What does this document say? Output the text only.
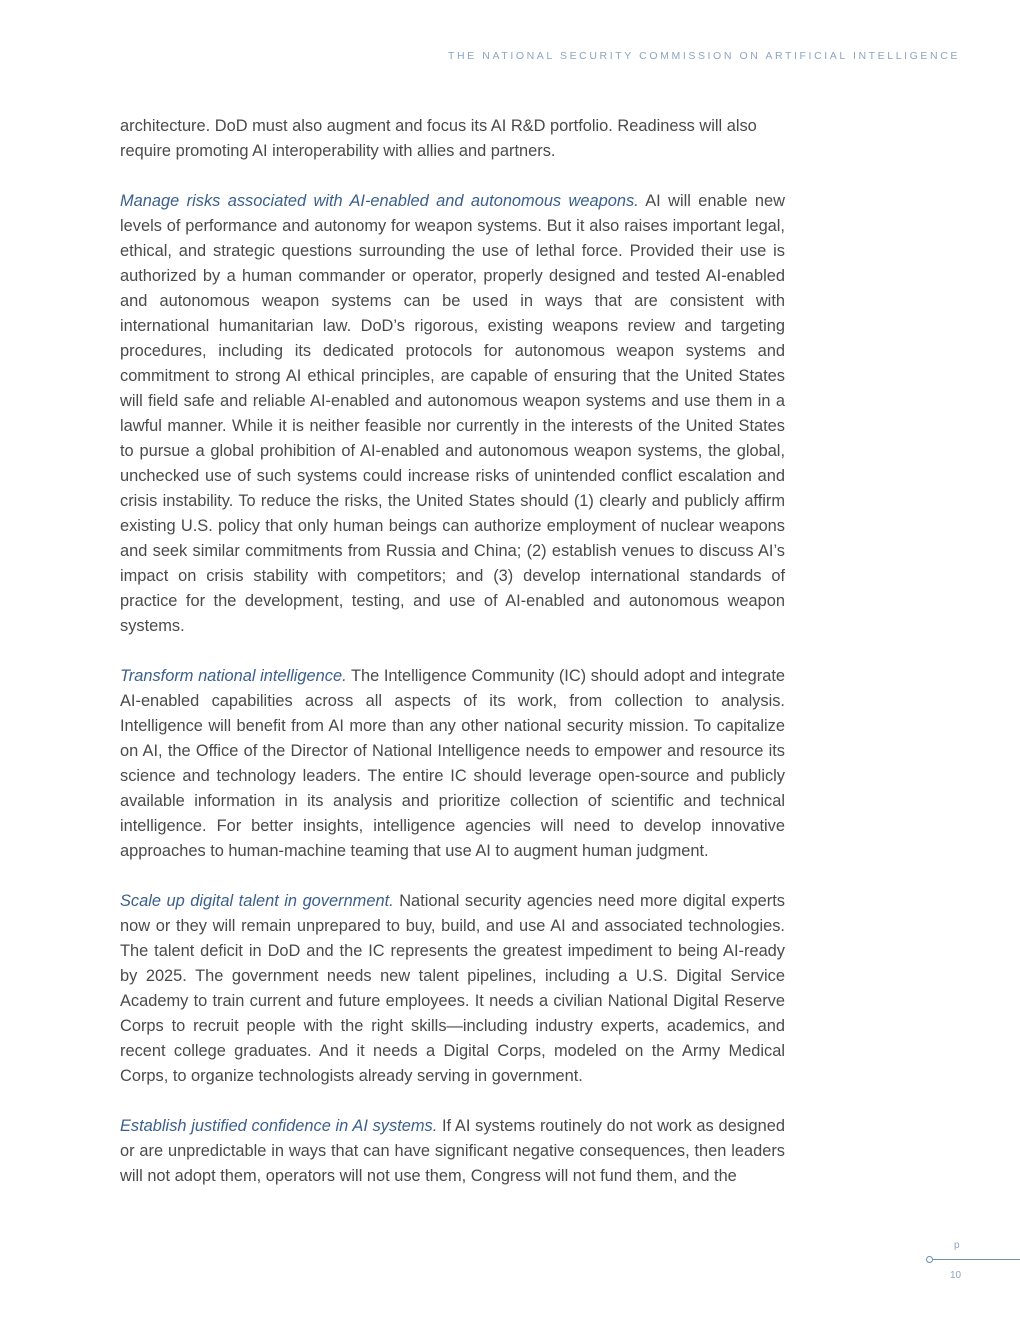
THE NATIONAL SECURITY COMMISSION ON ARTIFICIAL INTELLIGENCE

architecture. DoD must also augment and focus its AI R&D portfolio. Readiness will also require promoting AI interoperability with allies and partners.

Manage risks associated with AI-enabled and autonomous weapons. AI will enable new levels of performance and autonomy for weapon systems. But it also raises important legal, ethical, and strategic questions surrounding the use of lethal force. Provided their use is authorized by a human commander or operator, properly designed and tested AI-enabled and autonomous weapon systems can be used in ways that are consistent with international humanitarian law. DoD’s rigorous, existing weapons review and targeting procedures, including its dedicated protocols for autonomous weapon systems and commitment to strong AI ethical principles, are capable of ensuring that the United States will field safe and reliable AI-enabled and autonomous weapon systems and use them in a lawful manner. While it is neither feasible nor currently in the interests of the United States to pursue a global prohibition of AI-enabled and autonomous weapon systems, the global, unchecked use of such systems could increase risks of unintended conflict escalation and crisis instability. To reduce the risks, the United States should (1) clearly and publicly affirm existing U.S. policy that only human beings can authorize employment of nuclear weapons and seek similar commitments from Russia and China; (2) establish venues to discuss AI’s impact on crisis stability with competitors; and (3) develop international standards of practice for the development, testing, and use of AI-enabled and autonomous weapon systems.

Transform national intelligence. The Intelligence Community (IC) should adopt and integrate AI-enabled capabilities across all aspects of its work, from collection to analysis. Intelligence will benefit from AI more than any other national security mission. To capitalize on AI, the Office of the Director of National Intelligence needs to empower and resource its science and technology leaders. The entire IC should leverage open-source and publicly available information in its analysis and prioritize collection of scientific and technical intelligence. For better insights, intelligence agencies will need to develop innovative approaches to human-machine teaming that use AI to augment human judgment.

Scale up digital talent in government. National security agencies need more digital experts now or they will remain unprepared to buy, build, and use AI and associated technologies. The talent deficit in DoD and the IC represents the greatest impediment to being AI-ready by 2025. The government needs new talent pipelines, including a U.S. Digital Service Academy to train current and future employees. It needs a civilian National Digital Reserve Corps to recruit people with the right skills—including industry experts, academics, and recent college graduates. And it needs a Digital Corps, modeled on the Army Medical Corps, to organize technologists already serving in government.

Establish justified confidence in AI systems. If AI systems routinely do not work as designed or are unpredictable in ways that can have significant negative consequences, then leaders will not adopt them, operators will not use them, Congress will not fund them, and the

p
10
